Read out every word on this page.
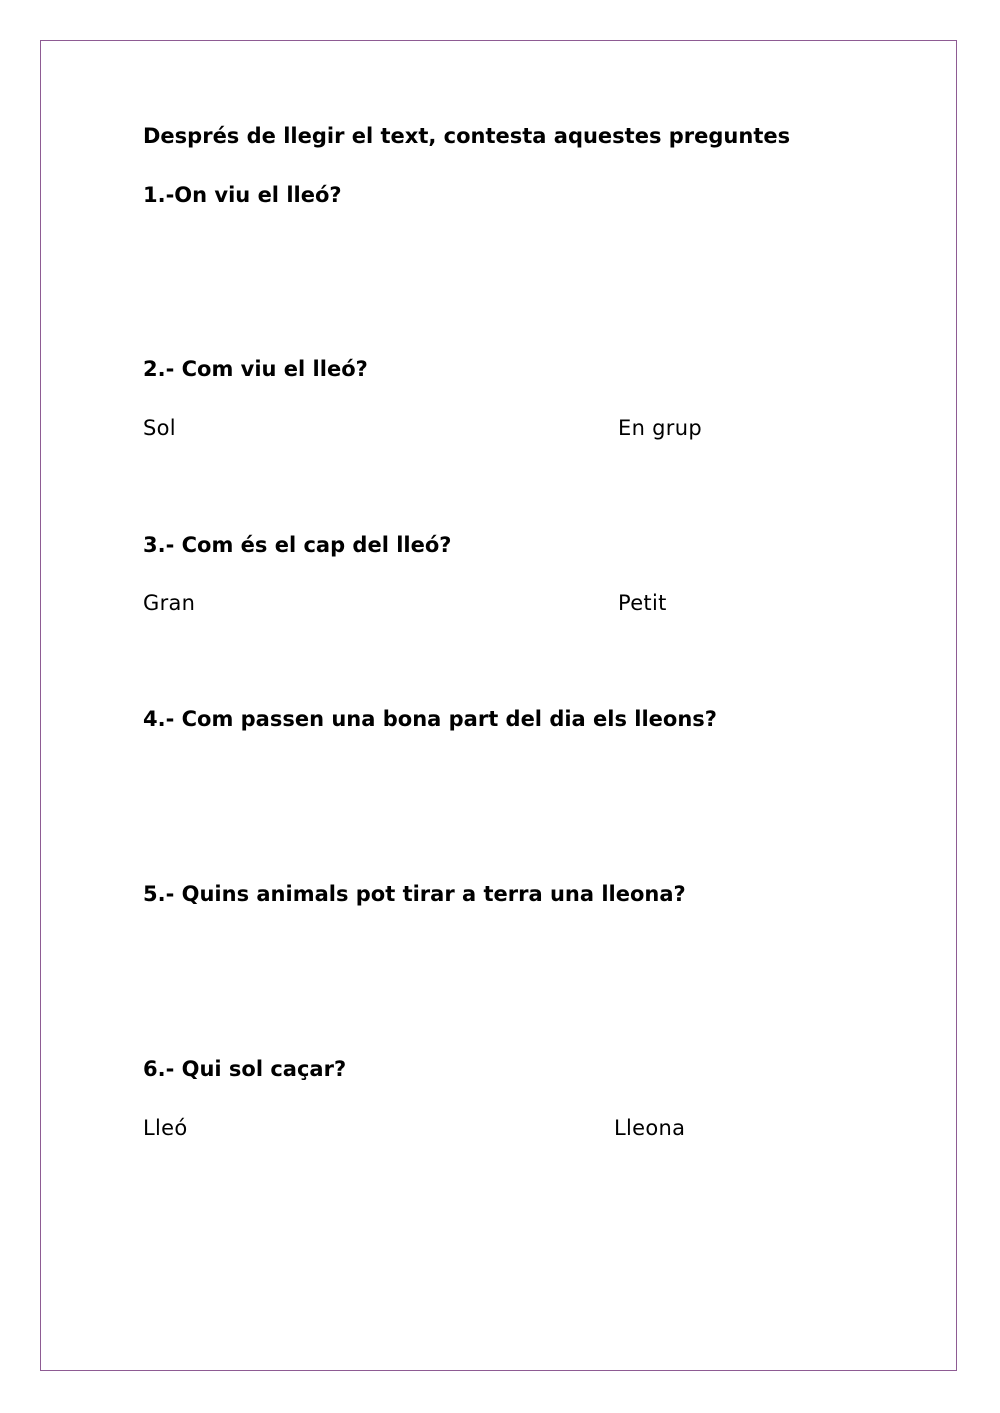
Després de llegir el text, contesta aquestes preguntes
1.-On viu el lleó?
2.- Com viu el lleó?
Sol	En grup
3.- Com és el cap del lleó?
Gran	Petit
4.- Com passen una bona part del dia els lleons?
5.- Quins animals pot tirar a terra una lleona?
6.- Qui sol caçar?
Lleó	Lleona
